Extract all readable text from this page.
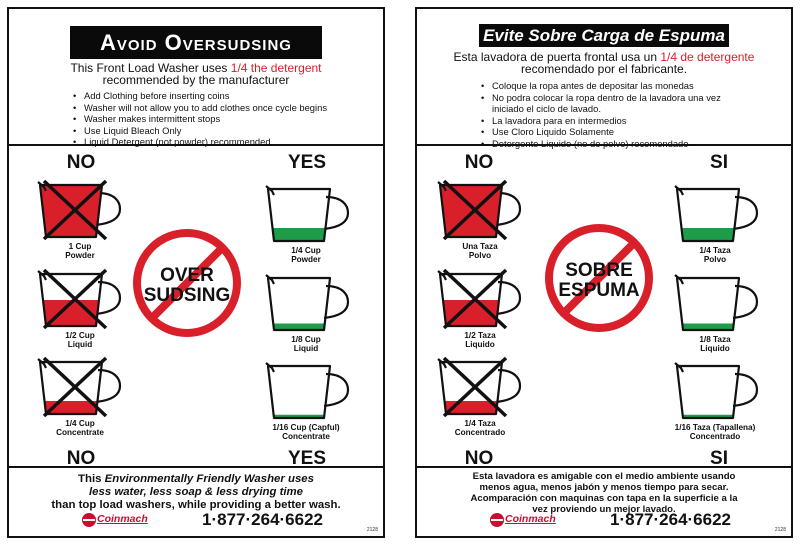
Avoid Oversudsing
This Front Load Washer uses 1/4 the detergent
recommended by the manufacturer
• Add Clothing before inserting coins
• Washer will not allow you to add clothes once cycle begins
• Washer makes intermittent stops
• Use Liquid Bleach Only
• Liquid Detergent (not powder) recommended
NO	YES
1 Cup
Powder
1/2 Cup
Liquid
1/4 Cup
Concentrate
1/4 Cup
Powder
1/8 Cup
Liquid
1/16 Cup (Capful)
Concentrate
OVER
SUDSING
NO	YES
This Environmentally Friendly Washer uses
less water, less soap & less drying time
than top load washers, while providing a better wash.
Coinmach	1·877·264·6622
2128
Evite Sobre Carga de Espuma
Esta lavadora de puerta frontal usa un 1/4 de detergente
recomendado por el fabricante.
• Coloque la ropa antes de depositar las monedas
• No podra colocar la ropa dentro de la lavadora una vez iniciado el ciclo de lavado.
• La lavadora para en intermedios
• Use Cloro Liquido Solamente
• Detergente Liquido (no de polvo) recomendado
NO	SI
Una Taza
Polvo
1/2 Taza
Liquido
1/4 Taza
Concentrado
1/4 Taza
Polvo
1/8 Taza
Liquido
1/16 Taza (Tapallena)
Concentrado
SOBRE
ESPUMA
NO	SI
Esta lavadora es amigable con el medio ambiente usando
menos agua, menos jabón y menos tiempo para secar.
Acomparación con maquinas con tapa en la superficie a la
vez proviendo un mejor lavado.
Coinmach	1·877·264·6622
2128
